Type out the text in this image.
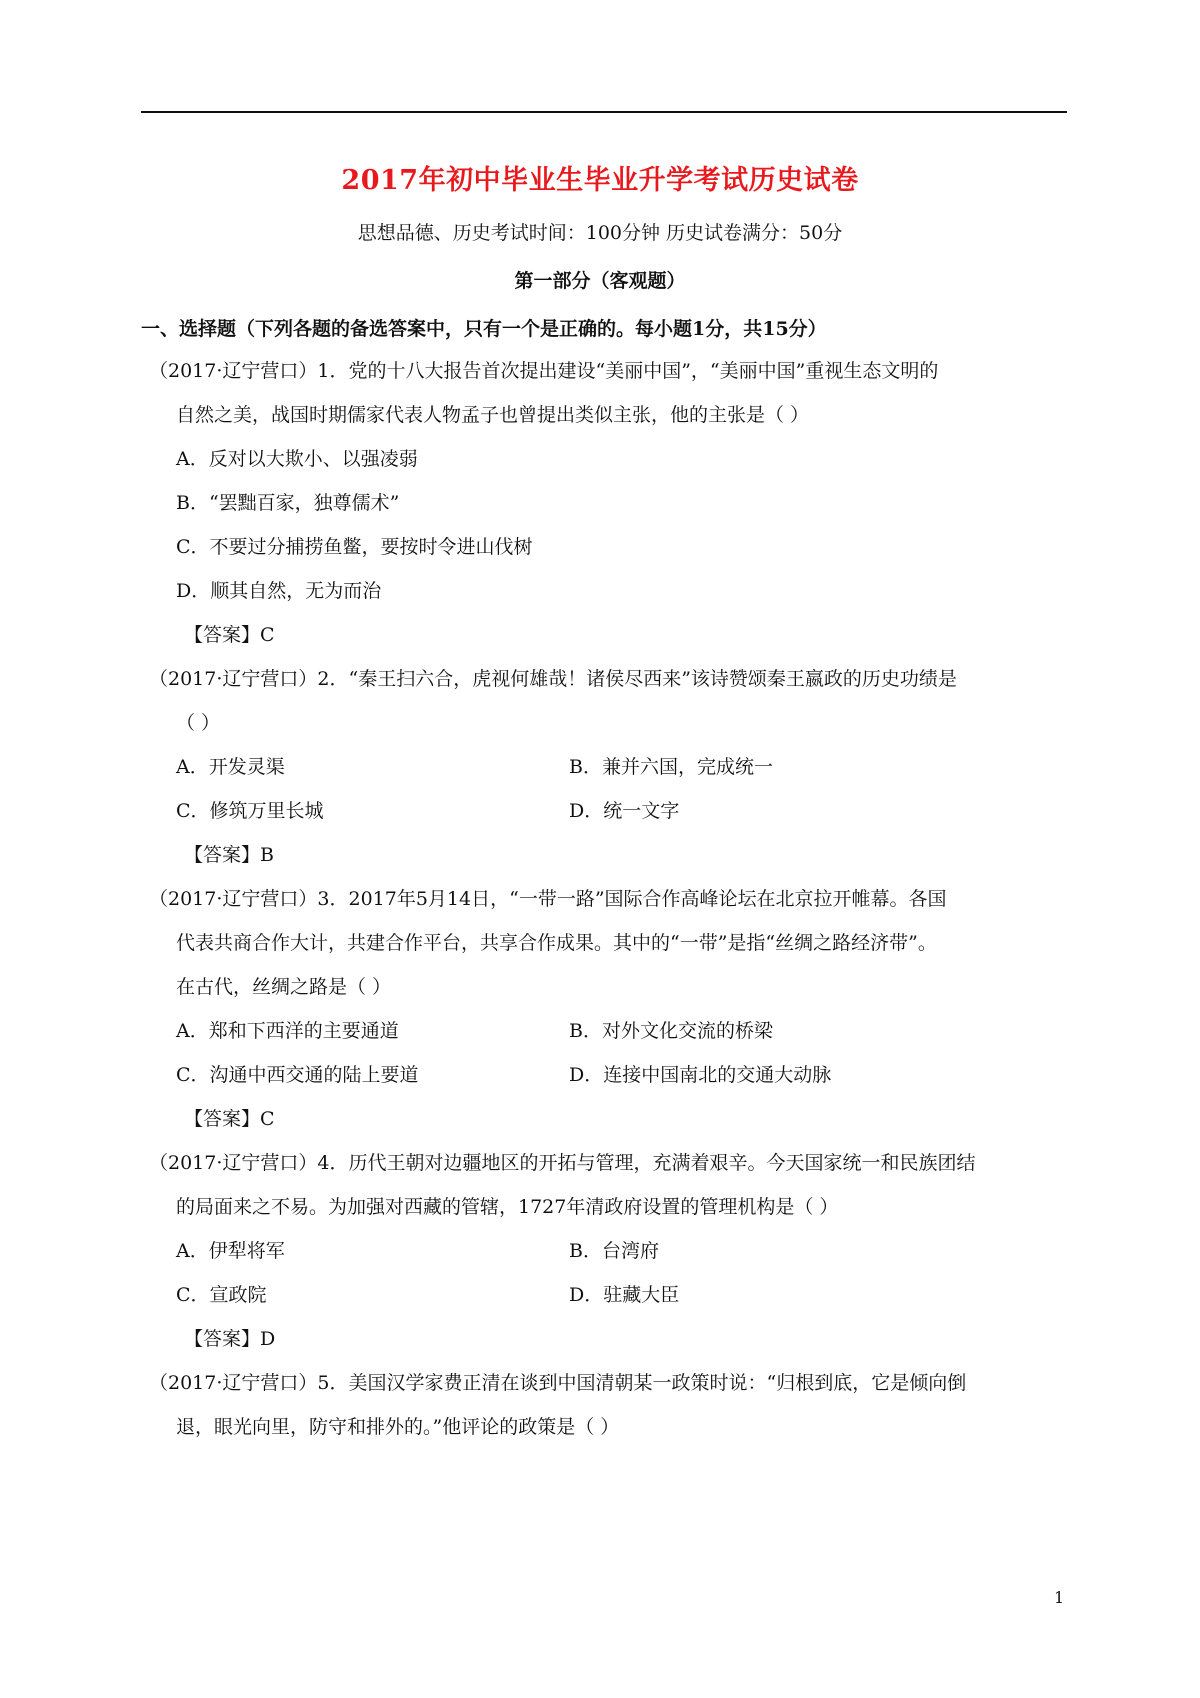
2017年初中毕业生毕业升学考试历史试卷
思想品德、历史考试时间：100分钟 历史试卷满分：50分
第一部分（客观题）
一、选择题（下列各题的备选答案中，只有一个是正确的。每小题1分，共15分）
（2017·辽宁营口）1．党的十八大报告首次提出建设“美丽中国”，“美丽中国”重视生态文明的
自然之美，战国时期儒家代表人物孟子也曾提出类似主张，他的主张是（ ）
A．反对以大欺小、以强凌弱
B．“罢黜百家，独尊儒术”
C．不要过分捕捞鱼鳖，要按时令进山伐树
D．顺其自然，无为而治
【答案】C
（2017·辽宁营口）2．“秦王扫六合，虎视何雄哉！诸侯尽西来”该诗赞颂秦王嬴政的历史功绩是
（ ）
A．开发灵渠	B．兼并六国，完成统一
C．修筑万里长城	D．统一文字
【答案】B
（2017·辽宁营口）3．2017年5月14日，“一带一路”国际合作高峰论坛在北京拉开帷幕。各国
代表共商合作大计，共建合作平台，共享合作成果。其中的“一带”是指“丝绸之路经济带”。
在古代，丝绸之路是（ ）
A．郑和下西洋的主要通道	B．对外文化交流的桥梁
C．沟通中西交通的陆上要道	D．连接中国南北的交通大动脉
【答案】C
（2017·辽宁营口）4．历代王朝对边疆地区的开拓与管理，充满着艰辛。今天国家统一和民族团结
的局面来之不易。为加强对西藏的管辖，1727年清政府设置的管理机构是（ ）
A．伊犁将军	B．台湾府
C．宣政院	D．驻藏大臣
【答案】D
（2017·辽宁营口）5．美国汉学家费正清在谈到中国清朝某一政策时说：“归根到底，它是倾向倒
退，眼光向里，防守和排外的。”他评论的政策是（ ）
1
